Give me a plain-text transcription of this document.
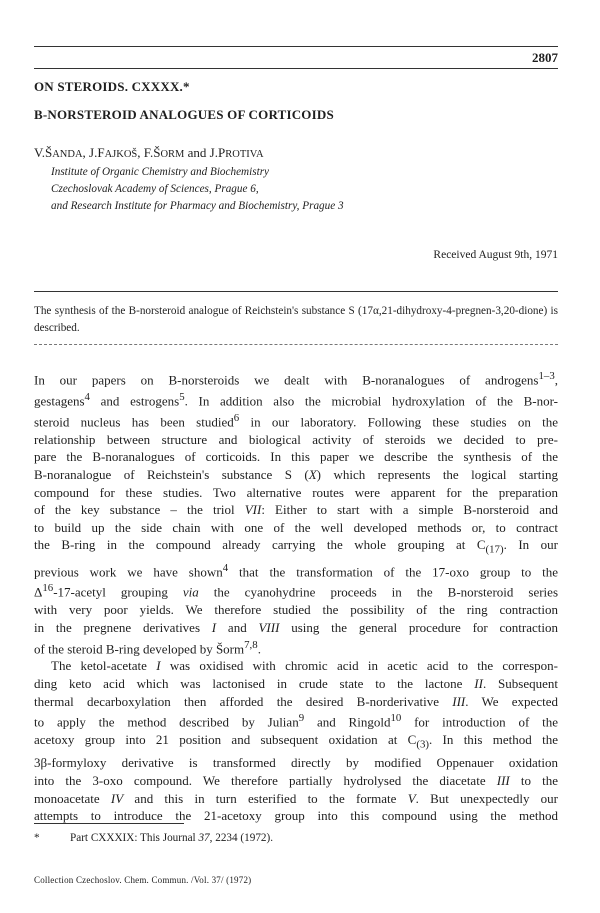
2807
ON STEROIDS. CXXXX.*
B-NORSTEROID ANALOGUES OF CORTICOIDS
V.ŠANDA, J.FAJKOŠ, F.ŠORM and J.PROTIVA
Institute of Organic Chemistry and Biochemistry
Czechoslovak Academy of Sciences, Prague 6,
and Research Institute for Pharmacy and Biochemistry, Prague 3
Received August 9th, 1971
The synthesis of the B-norsteroid analogue of Reichstein's substance S (17α,21-dihydroxy-4-pregnen-3,20-dione) is described.

In our papers on B-norsteroids we dealt with B-noranalogues of androgens$^{1-3}$,
gestagens$^4$ and estrogens$^5$. In addition also the microbial hydroxylation of the B-nor-
steroid nucleus has been studied$^6$ in our laboratory. Following these studies on the
relationship between structure and biological activity of steroids we decided to pre-
pare the B-noranalogues of corticoids. In this paper we describe the synthesis of the
B-noranalogue of Reichstein's substance S (X) which represents the logical starting
compound for these studies. Two alternative routes were apparent for the preparation
of the key substance – the triol VII: Either to start with a simple B-norsteroid and
to build up the side chain with one of the well developed methods or, to contract
the B-ring in the compound already carrying the whole grouping at $C_{(17)}$. In our
previous work we have shown$^4$ that the transformation of the 17-oxo group to the
$\Delta^{16}-17$-acetyl grouping via the cyanohydrine proceeds in the B-norsteroid series
with very poor yields. We therefore studied the possibility of the ring contraction
in the pregnene derivatives I and VIII using the general procedure for contraction
of the steroid B-ring developed by Šorm$^{7,8}$.

The ketol-acetate I was oxidised with chromic acid in acetic acid to the correspon-
ding keto acid which was lactonised in crude state to the lactone II. Subsequent
thermal decarboxylation then afforded the desired B-norderivative III. We expected
to apply the method described by Julian$^9$ and Ringold$^{10}$ for introduction of the
acetoxy group into 21 position and subsequent oxidation at $C_{(3)}$. In this method the
3β-formyloxy derivative is transformed directly by modified Oppenauer oxidation
into the 3-oxo compound. We therefore partially hydrolysed the diacetate III to the
monoacetate IV and this in turn esterified to the formate V. But unexpectedly our
attempts to introduce the 21-acetoxy group into this compound using the method

*	Part CXXXIX: This Journal 37, 2234 (1972).
Collection Czechoslov. Chem. Commun. /Vol. 37/ (1972)
